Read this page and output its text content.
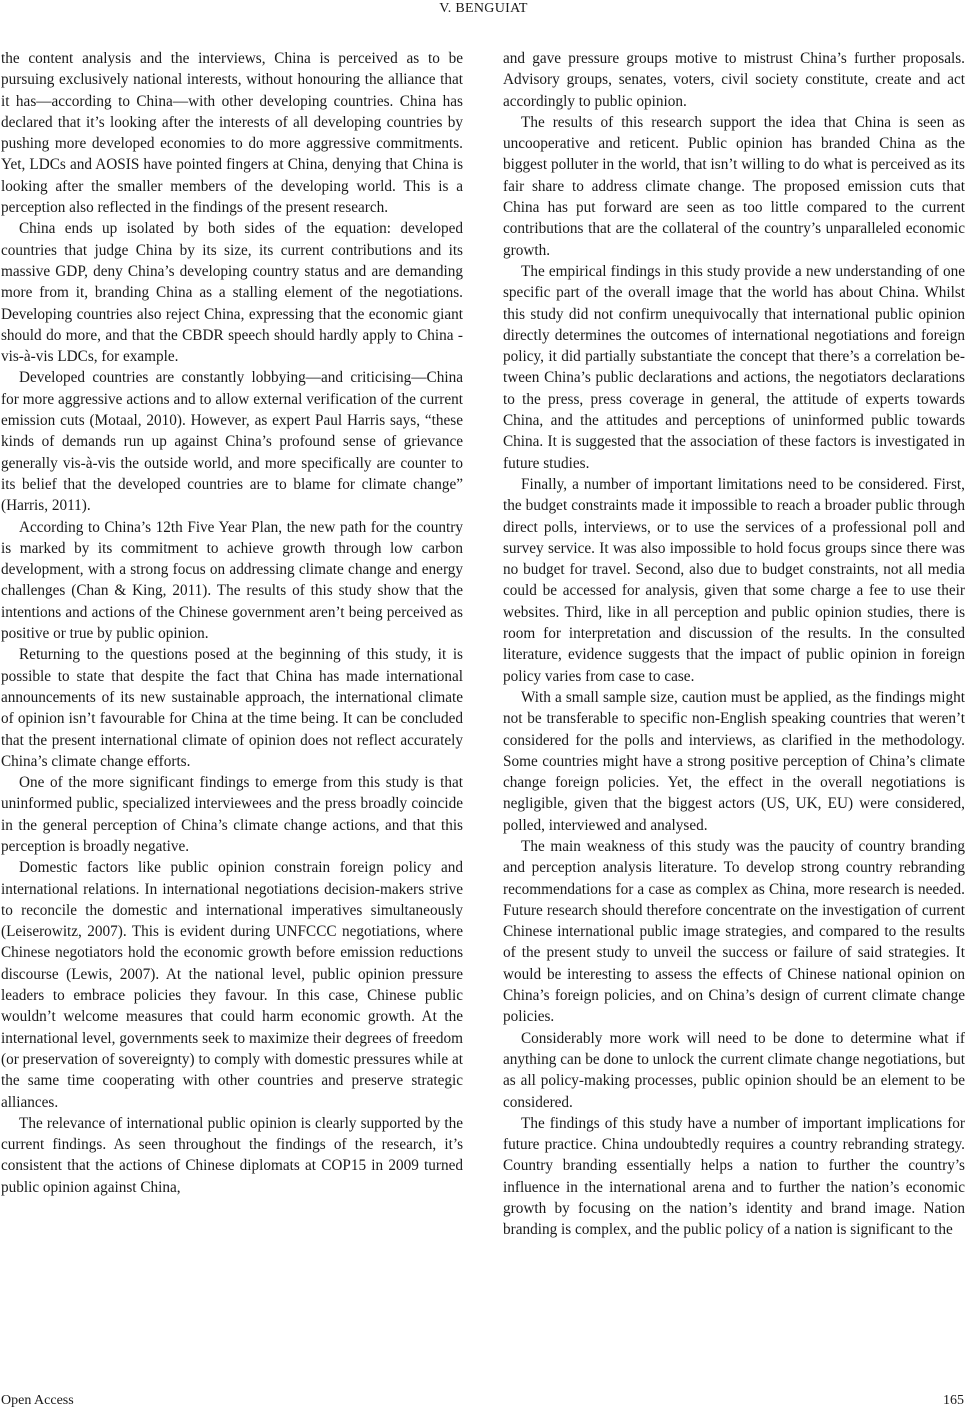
V. BENGUIAT

the content analysis and the interviews, China is perceived as to be pursuing exclusively national interests, without honouring the alliance that it has—according to China—with other developing countries. China has declared that it’s looking after the interests of all developing countries by pushing more developed economies to do more aggressive commitments. Yet, LDCs and AOSIS have pointed fingers at China, denying that China is looking after the smaller members of the developing world. This is a perception also reflected in the findings of the present research.

China ends up isolated by both sides of the equation: developed countries that judge China by its size, its current contributions and its massive GDP, deny China’s developing country status and are demanding more from it, branding China as a stalling element of the negotiations. Developing countries also reject China, expressing that the economic giant should do more, and that the CBDR speech should hardly apply to China -vis-à-vis LDCs, for example.

Developed countries are constantly lobbying—and criticising—China for more aggressive actions and to allow external verification of the current emission cuts (Motaal, 2010). However, as expert Paul Harris says, “these kinds of demands run up against China’s profound sense of grievance generally vis-à-vis the outside world, and more specifically are counter to its belief that the developed countries are to blame for climate change” (Harris, 2011).

According to China’s 12th Five Year Plan, the new path for the country is marked by its commitment to achieve growth through low carbon development, with a strong focus on addressing climate change and energy challenges (Chan & King, 2011). The results of this study show that the intentions and actions of the Chinese government aren’t being perceived as positive or true by public opinion.

Returning to the questions posed at the beginning of this study, it is possible to state that despite the fact that China has made international announcements of its new sustainable approach, the international climate of opinion isn’t favourable for China at the time being. It can be concluded that the present international climate of opinion does not reflect accurately China’s climate change efforts.

One of the more significant findings to emerge from this study is that uninformed public, specialized interviewees and the press broadly coincide in the general perception of China’s climate change actions, and that this perception is broadly negative.

Domestic factors like public opinion constrain foreign policy and international relations. In international negotiations decision-makers strive to reconcile the domestic and international imperatives simultaneously (Leiserowitz, 2007). This is evident during UNFCCC negotiations, where Chinese negotiators hold the economic growth before emission reductions discourse (Lewis, 2007). At the national level, public opinion pressure leaders to embrace policies they favour. In this case, Chinese public wouldn’t welcome measures that could harm economic growth. At the international level, governments seek to maximize their degrees of freedom (or preservation of sovereignty) to comply with domestic pressures while at the same time cooperating with other countries and preserve strategic alliances.

The relevance of international public opinion is clearly supported by the current findings. As seen throughout the findings of the research, it’s consistent that the actions of Chinese diplomats at COP15 in 2009 turned public opinion against China,

and gave pressure groups motive to mistrust China’s further proposals. Advisory groups, senates, voters, civil society constitute, create and act accordingly to public opinion.

The results of this research support the idea that China is seen as uncooperative and reticent. Public opinion has branded China as the biggest polluter in the world, that isn’t willing to do what is perceived as its fair share to address climate change. The proposed emission cuts that China has put forward are seen as too little compared to the current contributions that are the collateral of the country’s unparalleled economic growth.

The empirical findings in this study provide a new understanding of one specific part of the overall image that the world has about China. Whilst this study did not confirm unequivocally that international public opinion directly determines the outcomes of international negotiations and foreign policy, it did partially substantiate the concept that there’s a correlation between China’s public declarations and actions, the negotiators declarations to the press, press coverage in general, the attitude of experts towards China, and the attitudes and perceptions of uninformed public towards China. It is suggested that the association of these factors is investigated in future studies.

Finally, a number of important limitations need to be considered. First, the budget constraints made it impossible to reach a broader public through direct polls, interviews, or to use the services of a professional poll and survey service. It was also impossible to hold focus groups since there was no budget for travel. Second, also due to budget constraints, not all media could be accessed for analysis, given that some charge a fee to use their websites. Third, like in all perception and public opinion studies, there is room for interpretation and discussion of the results. In the consulted literature, evidence suggests that the impact of public opinion in foreign policy varies from case to case.

With a small sample size, caution must be applied, as the findings might not be transferable to specific non-English speaking countries that weren’t considered for the polls and interviews, as clarified in the methodology. Some countries might have a strong positive perception of China’s climate change foreign policies. Yet, the effect in the overall negotiations is negligible, given that the biggest actors (US, UK, EU) were considered, polled, interviewed and analysed.

The main weakness of this study was the paucity of country branding and perception analysis literature. To develop strong country rebranding recommendations for a case as complex as China, more research is needed. Future research should therefore concentrate on the investigation of current Chinese international public image strategies, and compared to the results of the present study to unveil the success or failure of said strategies. It would be interesting to assess the effects of Chinese national opinion on China’s foreign policies, and on China’s design of current climate change policies.

Considerably more work will need to be done to determine what if anything can be done to unlock the current climate change negotiations, but as all policy-making processes, public opinion should be an element to be considered.

The findings of this study have a number of important implications for future practice. China undoubtedly requires a country rebranding strategy. Country branding essentially helps a nation to further the country’s influence in the international arena and to further the nation’s economic growth by focusing on the nation’s identity and brand image. Nation branding is complex, and the public policy of a nation is significant to the

Open Access	165
